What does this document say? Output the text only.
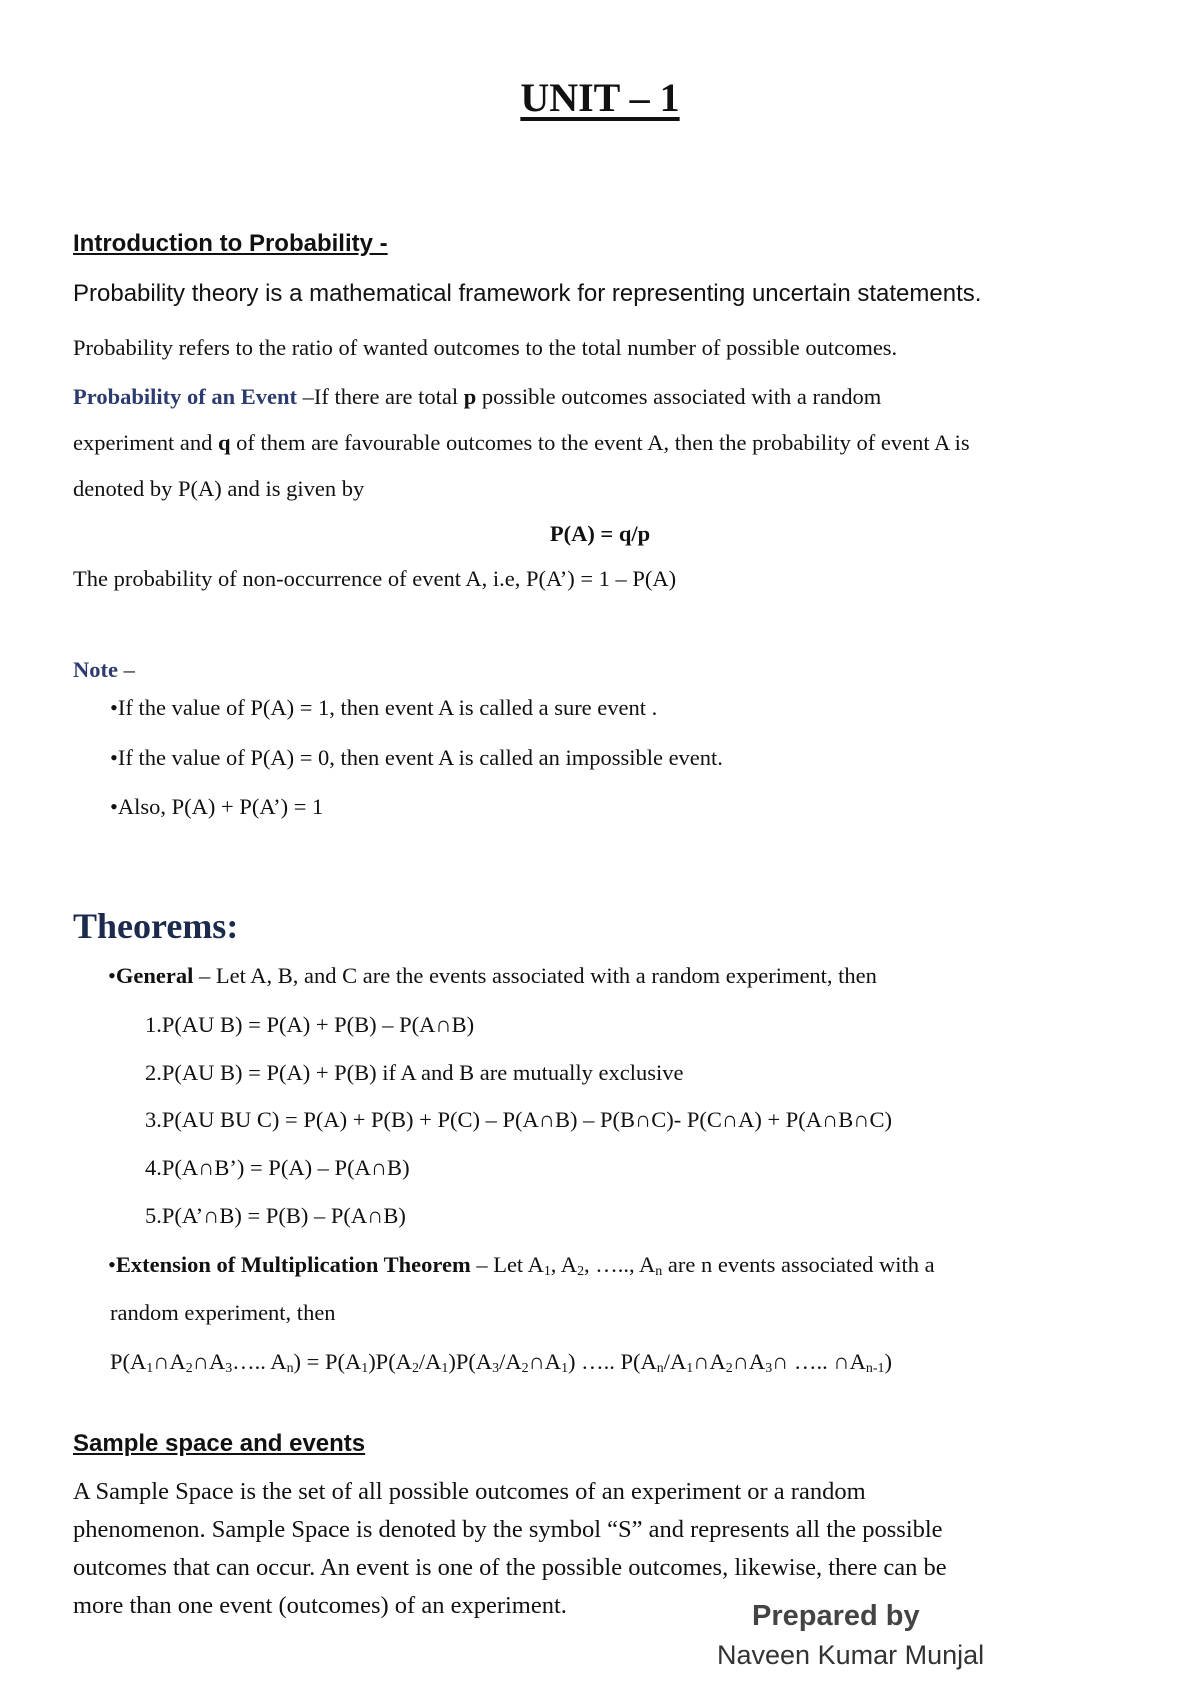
UNIT – 1
Introduction to Probability -
Probability theory is a mathematical framework for representing uncertain statements.
Probability refers to the ratio of wanted outcomes to the total number of possible outcomes.
Probability of an Event –If there are total p possible outcomes associated with a random
experiment and q of them are favourable outcomes to the event A, then the probability of event A is
denoted by P(A) and is given by
P(A) = q/p
The probability of non-occurrence of event A, i.e, P(A’) = 1 – P(A)
Note –
•If the value of P(A) = 1, then event A is called a sure event .
•If the value of P(A) = 0, then event A is called an impossible event.
•Also, P(A) + P(A’) = 1
Theorems:
•General – Let A, B, and C are the events associated with a random experiment, then
1.P(AU B) = P(A) + P(B) – P(A∩B)
2.P(AU B) = P(A) + P(B) if A and B are mutually exclusive
3.P(AU BU C) = P(A) + P(B) + P(C) – P(A∩B) – P(B∩C)- P(C∩A) + P(A∩B∩C)
4.P(A∩B’) = P(A) – P(A∩B)
5.P(A’∩B) = P(B) – P(A∩B)
•Extension of Multiplication Theorem – Let $A_1$, $A_2$, ….., $A_n$ are n events associated with a
random experiment, then
$P(A_1\cap A_2\cap A_3\dots$.. $A_n$) = $P(A_1)P(A_2/A_1)P(A_3/A_2\cap A_1)$ ….. $P(A_n/A_1\cap A_2\cap A_3\cap$ ….. $\cap A_{n-1}$)
Sample space and events
A Sample Space is the set of all possible outcomes of an experiment or a random
phenomenon. Sample Space is denoted by the symbol “S” and represents all the possible
outcomes that can occur. An event is one of the possible outcomes, likewise, there can be
more than one event (outcomes) of an experiment.	Prepared by
Naveen Kumar Munjal
